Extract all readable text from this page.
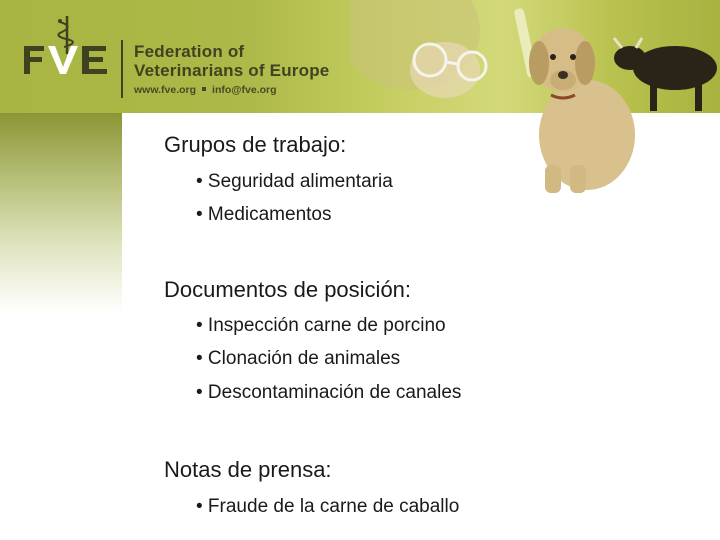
Federation of
Veterinarians of Europe
www.fve.org info@fve.org
Grupos de trabajo:
• Seguridad alimentaria
• Medicamentos
Documentos de posición:
• Inspección carne de porcino
• Clonación de animales
• Descontaminación de canales
Notas de prensa:
• Fraude de la carne de caballo
